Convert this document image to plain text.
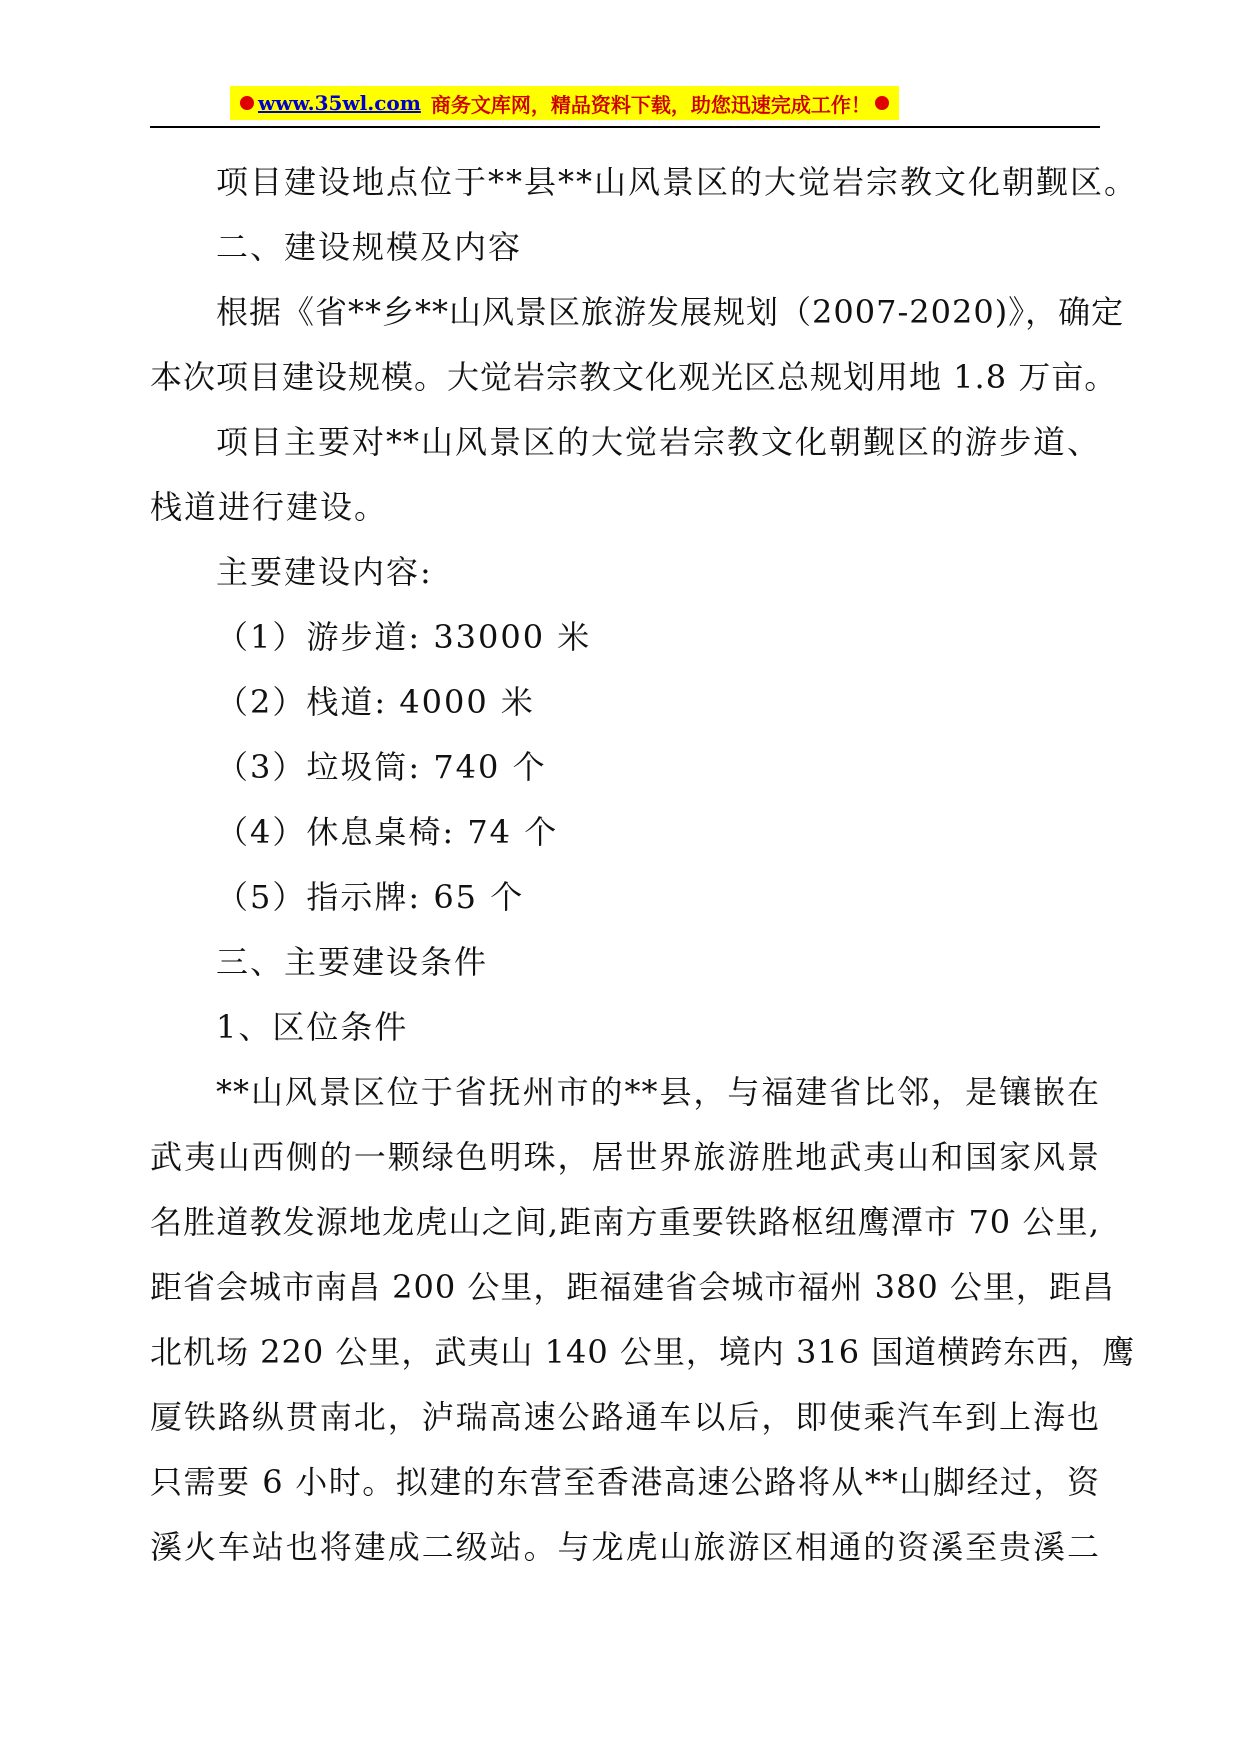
www.35wl.com 商务文库网，精品资料下载，助您迅速完成工作！
项目建设地点位于**县**山风景区的大觉岩宗教文化朝觐区。
二、建设规模及内容
根据《省**乡**山风景区旅游发展规划（2007-2020)》，确定
本次项目建设规模。大觉岩宗教文化观光区总规划用地 1.8 万亩。
项目主要对**山风景区的大觉岩宗教文化朝觐区的游步道、
栈道进行建设。
主要建设内容:
（1）游步道: 33000 米
（2）栈道: 4000 米
（3）垃圾筒: 740 个
（4）休息桌椅: 74 个
（5）指示牌: 65 个
三、主要建设条件
1、区位条件
**山风景区位于省抚州市的**县，与福建省比邻，是镶嵌在
武夷山西侧的一颗绿色明珠，居世界旅游胜地武夷山和国家风景
名胜道教发源地龙虎山之间,距南方重要铁路枢纽鹰潭市 70 公里,
距省会城市南昌 200 公里，距福建省会城市福州 380 公里，距昌
北机场 220 公里，武夷山 140 公里，境内 316 国道横跨东西，鹰
厦铁路纵贯南北，泸瑞高速公路通车以后，即使乘汽车到上海也
只需要 6 小时。拟建的东营至香港高速公路将从**山脚经过，资
溪火车站也将建成二级站。与龙虎山旅游区相通的资溪至贵溪二
